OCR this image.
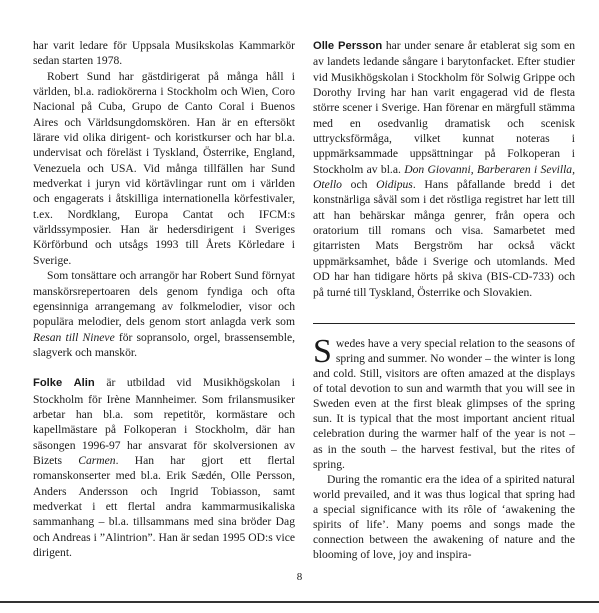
har varit ledare för Uppsala Musikskolas Kammarkör sedan starten 1978.

Robert Sund har gästdirigerat på många håll i världen, bl.a. radiokörerna i Stockholm och Wien, Coro Nacional på Cuba, Grupo de Canto Coral i Buenos Aires och Världsungdomskören. Han är en eftersökt lärare vid olika dirigent- och koristkurser och har bl.a. undervisat och föreläst i Tyskland, Österrike, England, Venezuela och USA. Vid många tillfällen har Sund medverkat i juryn vid körtävlingar runt om i världen och engagerats i åtskilliga internationella körfestivaler, t.ex. Nordklang, Europa Cantat och IFCM:s världssymposier. Han är hedersdirigent i Sveriges Körförbund och utsågs 1993 till Årets Körledare i Sverige.

Som tonsättare och arrangör har Robert Sund förnyat manskörsrepertoaren dels genom fyndiga och ofta egensinniga arrangemang av folkmelodier, visor och populära melodier, dels genom stort anlagda verk som Resan till Nineve för sopransolo, orgel, brassensemble, slagverk och manskör.

Folke Alin är utbildad vid Musikhögskolan i Stockholm för Irène Mannheimer. Som frilansmusiker arbetar han bl.a. som repetitör, kormästare och kapellmästare på Folkoperan i Stockholm, där han säsongen 1996-97 har ansvarat för skolversionen av Bizets Carmen. Han har gjort ett flertal romanskonserter med bl.a. Erik Sædén, Olle Persson, Anders Andersson och Ingrid Tobiasson, samt medverkat i ett flertal andra kammarmusikaliska sammanhang – bl.a. tillsammans med sina bröder Dag och Andreas i ”Alintrion”. Han är sedan 1995 OD:s vice dirigent.

Olle Persson har under senare år etablerat sig som en av landets ledande sångare i barytonfacket. Efter studier vid Musikhögskolan i Stockholm för Solwig Grippe och Dorothy Irving har han varit engagerad vid de flesta större scener i Sverige. Han förenar en märgfull stämma med en osedvanlig dramatisk och scenisk uttrycksförmåga, vilket kunnat noteras i uppmärksammade uppsättningar på Folkoperan i Stockholm av bl.a. Don Giovanni, Barberaren i Sevilla, Otello och Oidipus. Hans påfallande bredd i det konstnärliga såväl som i det röstliga registret har lett till att han behärskar många genrer, från opera och oratorium till romans och visa. Samarbetet med gitarristen Mats Bergström har också väckt uppmärksamhet, både i Sverige och utomlands. Med OD har han tidigare hörts på skiva (BIS-CD-733) och på turné till Tyskland, Österrike och Slovakien.

Swedes have a very special relation to the seasons of spring and summer. No wonder – the winter is long and cold. Still, visitors are often amazed at the displays of total devotion to sun and warmth that you will see in Sweden even at the first bleak glimpses of the spring sun. It is typical that the most important ancient ritual celebration during the warmer half of the year is not – as in the south – the harvest festival, but the rites of spring.

During the romantic era the idea of a spirited natural world prevailed, and it was thus logical that spring had a special significance with its rôle of ‘awakening the spirits of life’. Many poems and songs made the connection between the awakening of nature and the blooming of love, joy and inspira-

8
